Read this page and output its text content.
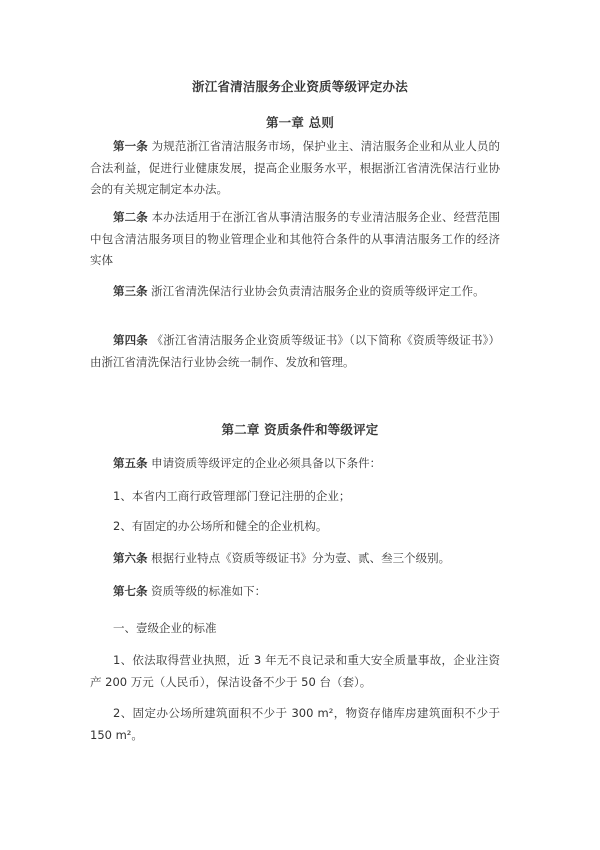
浙江省清洁服务企业资质等级评定办法
第一章 总则
第一条 为规范浙江省清洁服务市场，保护业主、清洁服务企业和从业人员的合法利益，促进行业健康发展，提高企业服务水平，根据浙江省清洗保洁行业协会的有关规定制定本办法。
第二条 本办法适用于在浙江省从事清洁服务的专业清洁服务企业、经营范围中包含清洁服务项目的物业管理企业和其他符合条件的从事清洁服务工作的经济实体
第三条 浙江省清洗保洁行业协会负责清洁服务企业的资质等级评定工作。
第四条 《浙江省清洁服务企业资质等级证书》（以下简称《资质等级证书》）由浙江省清洗保洁行业协会统一制作、发放和管理。
第二章 资质条件和等级评定
第五条 申请资质等级评定的企业必须具备以下条件：
1、本省内工商行政管理部门登记注册的企业；
2、有固定的办公场所和健全的企业机构。
第六条 根据行业特点《资质等级证书》分为壹、贰、叁三个级别。
第七条 资质等级的标准如下：
一、壹级企业的标准
1、依法取得营业执照，近 3 年无不良记录和重大安全质量事故，企业注资产 200 万元（人民币），保洁设备不少于 50 台（套）。
2、固定办公场所建筑面积不少于 300 m²，物资存储库房建筑面积不少于 150 m²。
